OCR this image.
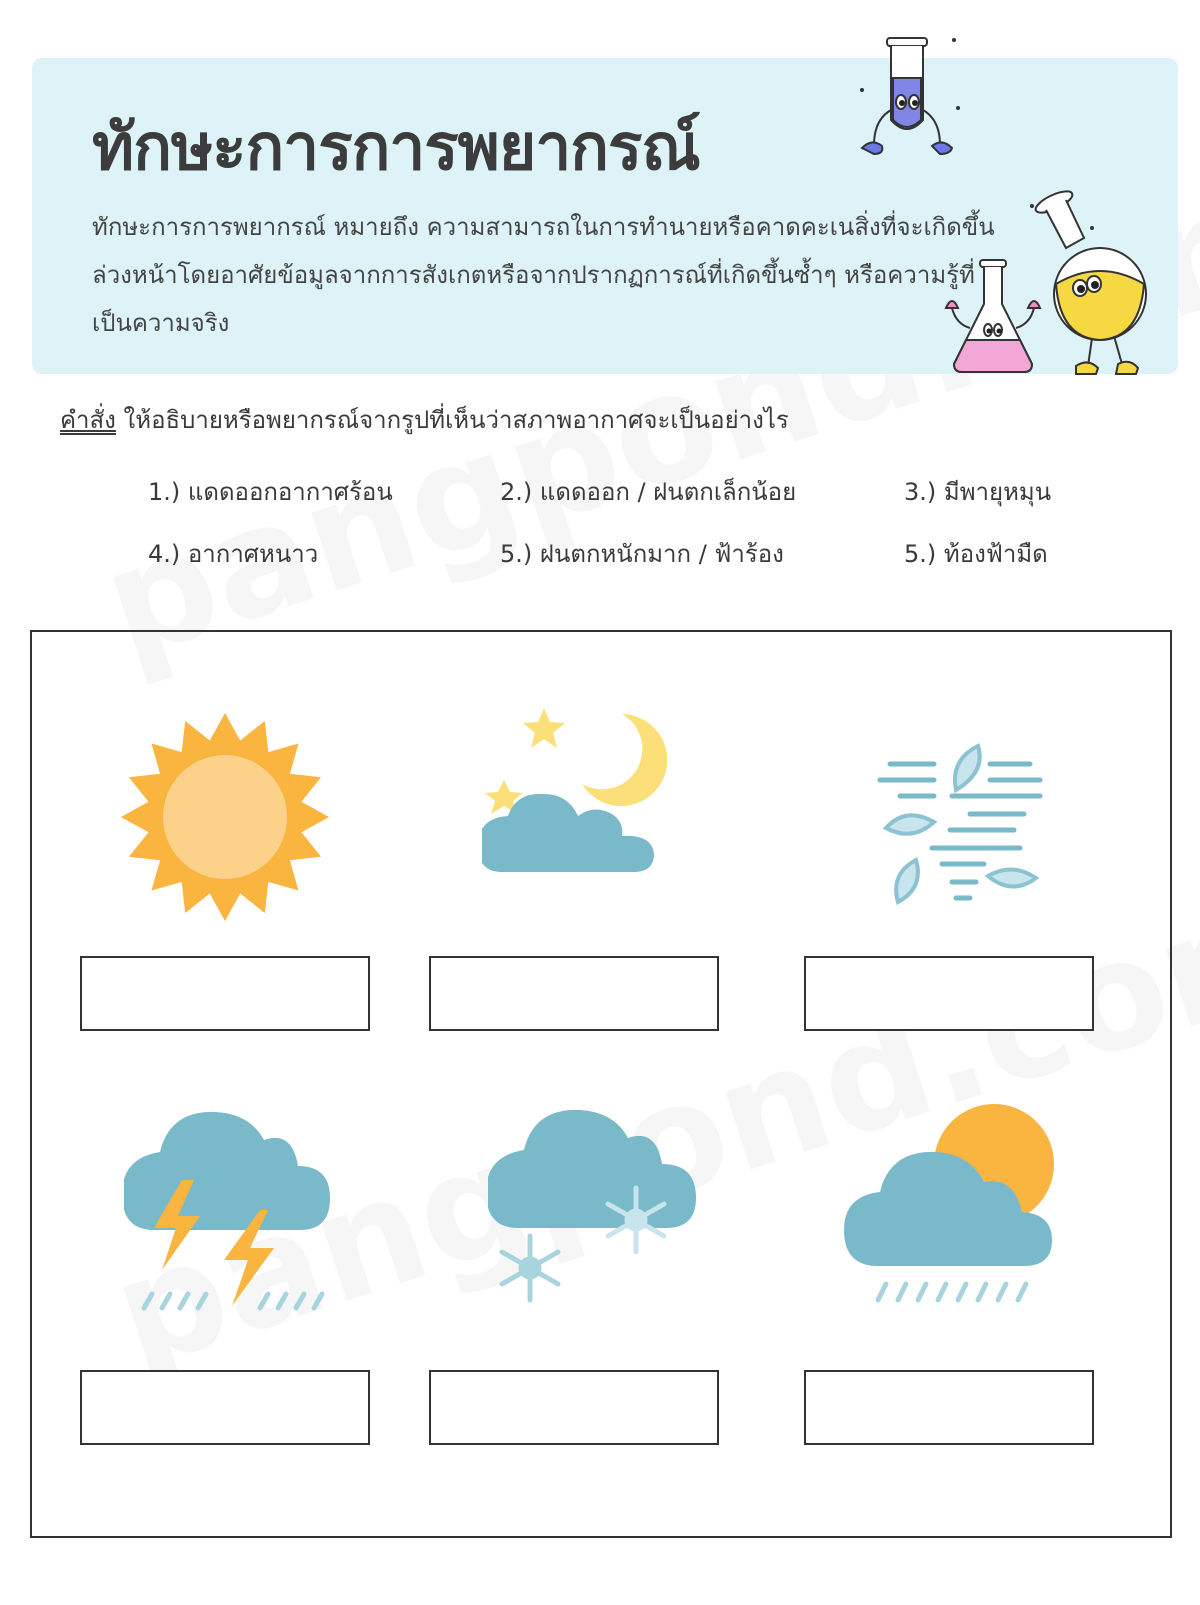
ทักษะการการพยากรณ์

ทักษะการการพยากรณ์ หมายถึง ความสามารถในการทำนายหรือคาดคะเนสิ่งที่จะเกิดขึ้นล่วงหน้าโดยอาศัยข้อมูลจากการสังเกตหรือจากปรากฏการณ์ที่เกิดขึ้นซ้ำๆ หรือความรู้ที่เป็นความจริง

คำสั่ง ให้อธิบายหรือพยากรณ์จากรูปที่เห็นว่าสภาพอากาศจะเป็นอย่างไร
1.) แดดออกอากาศร้อน	2.) แดดออก / ฝนตกเล็กน้อย	3.) มีพายุหมุน
4.) อากาศหนาว	5.) ฝนตกหนักมาก / ฟ้าร้อง	5.) ท้องฟ้ามืด
